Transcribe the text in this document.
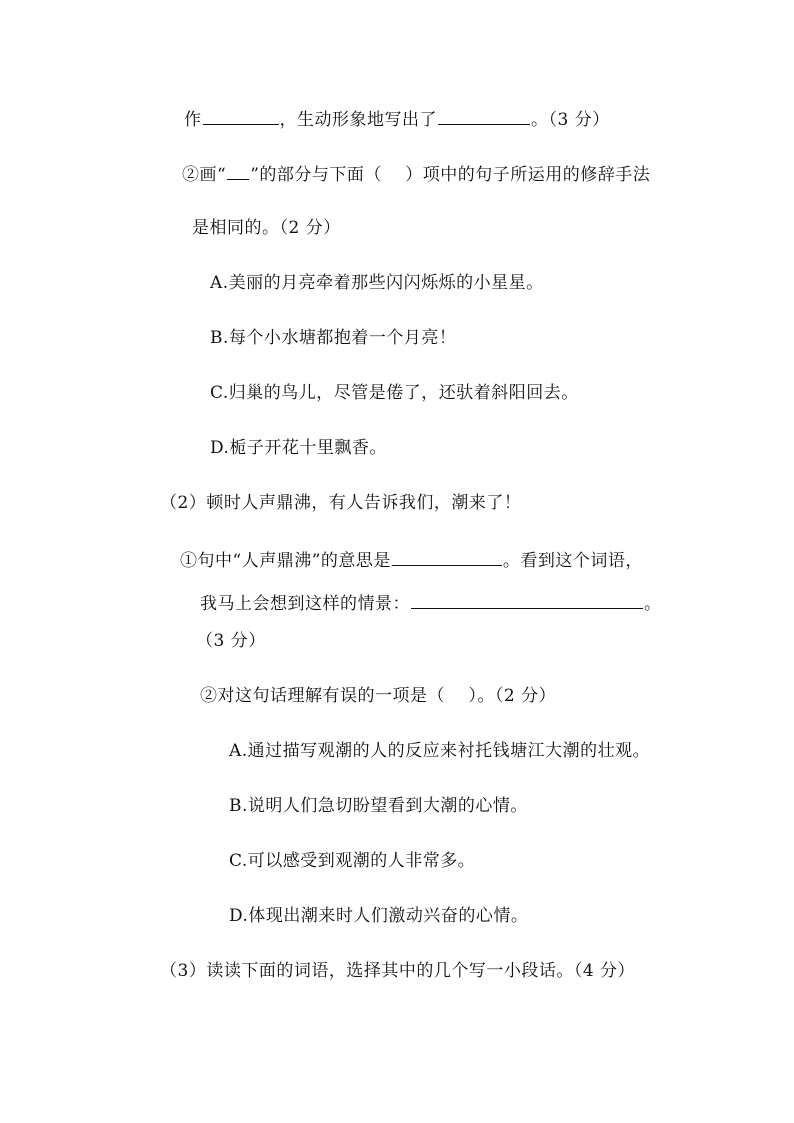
作	，生动形象地写出了	。（3 分）
②画“ ”的部分与下面（　 ）项中的句子所运用的修辞手法
是相同的。（2 分）
A.美丽的月亮牵着那些闪闪烁烁的小星星。
B.每个小水塘都抱着一个月亮！
C.归巢的鸟儿，尽管是倦了，还驮着斜阳回去。
D.栀子开花十里飘香。
（2）顿时人声鼎沸，有人告诉我们，潮来了！
①句中“人声鼎沸”的意思是	。看到这个词语，
我马上会想到这样的情景：	。
（3 分）
②对这句话理解有误的一项是（　 ）。（2 分）
A.通过描写观潮的人的反应来衬托钱塘江大潮的壮观。
B.说明人们急切盼望看到大潮的心情。
C.可以感受到观潮的人非常多。
D.体现出潮来时人们激动兴奋的心情。
（3）读读下面的词语，选择其中的几个写一小段话。（4 分）
